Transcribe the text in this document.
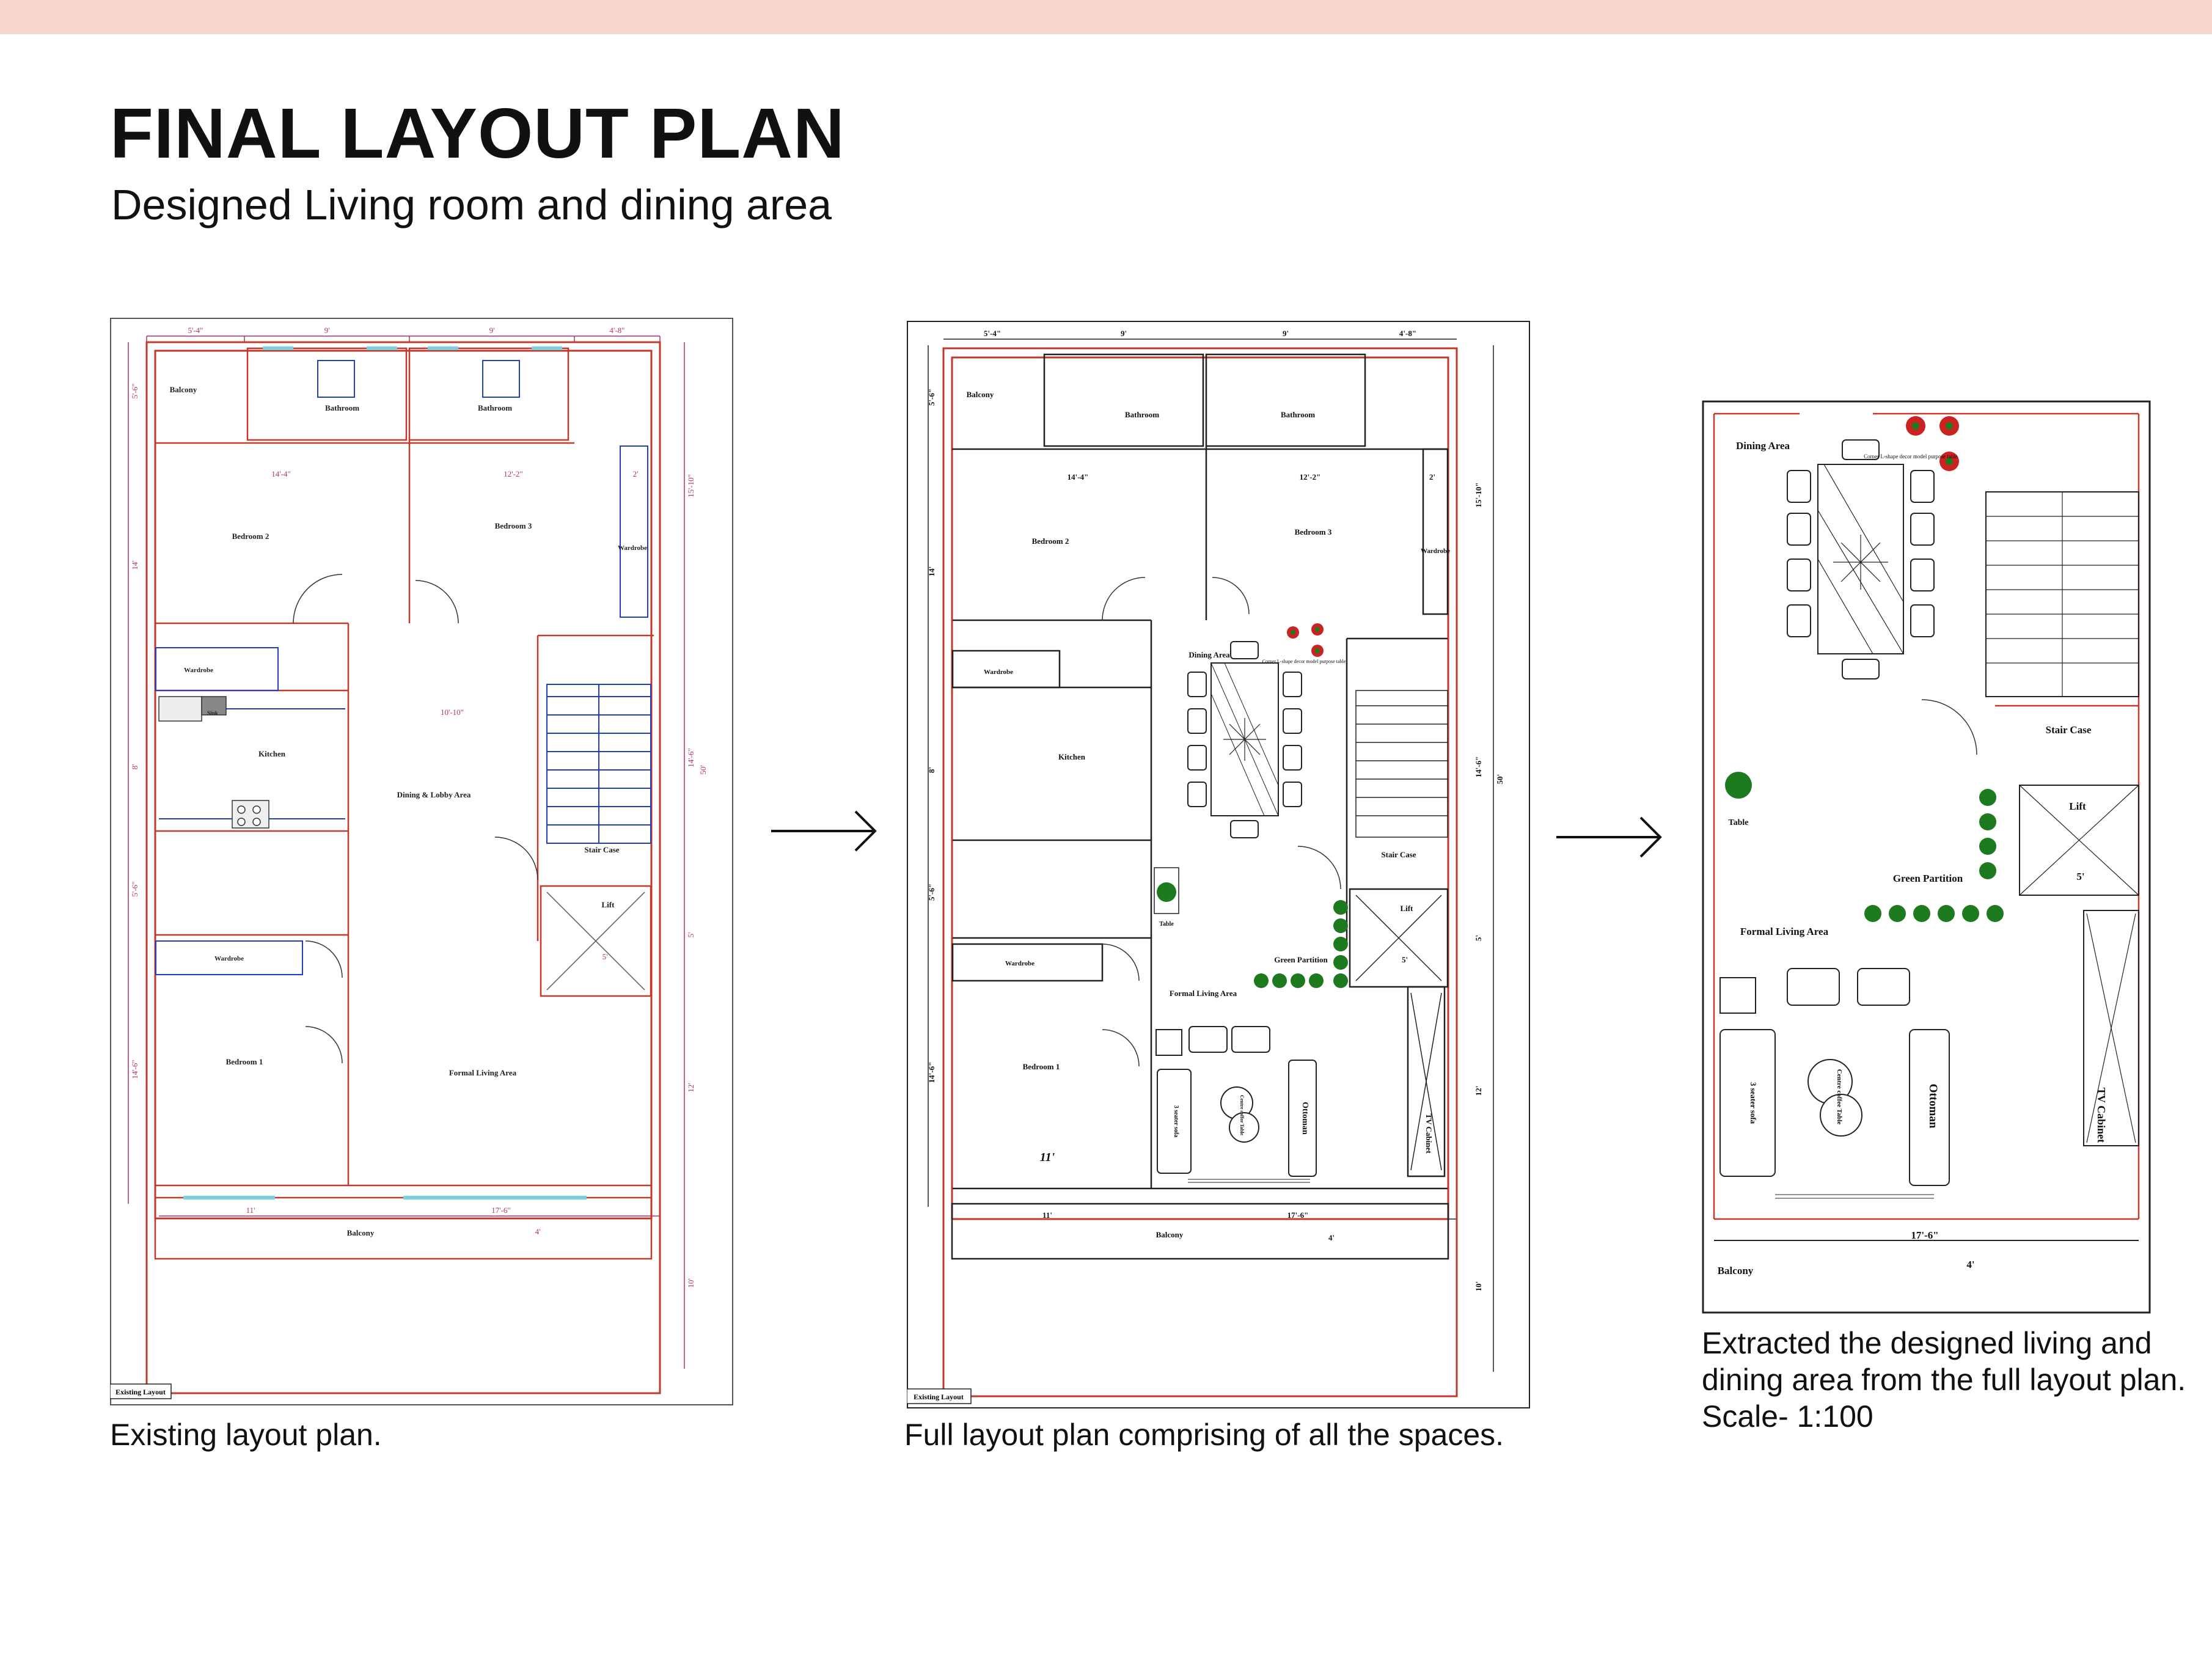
FINAL LAYOUT PLAN

Designed Living room and dining area

Balcony
Bathroom	Bathroom
Bedroom 2
Bedroom 3
Wardrobe
Wardrobe
Kitchen
Dining & Lobby Area
Stair Case
Lift
Wardrobe
Bedroom 1
Formal Living Area
Balcony
Sink
5'-4"	9'	9'	4'-8"
11'	17'-6"
14'-4"	12'-2"	2'
10'-10"
5'
4'
15'-10"
14'-6"
50'
5'
12'
10'
5'-6"
14'
8'
5'-6"
14'-6"
Existing Layout
Existing layout plan.
Balcony
Bathroom	Bathroom
Bedroom 2
Bedroom 3
Wardrobe
Wardrobe
Kitchen
Dining Area
Corner L-shape decor model purpose table
Stair Case
Lift
Table
Green Partition
Formal Living Area
Wardrobe
Bedroom 1
3 seater sofa	Centre coffee Table	Ottoman	TV Cabinet
Balcony
5'-4"	9'	9'	4'-8"
11'	17'-6"
14'-4"	12'-2"	2'
5'
4'
11'
15'-10"
14'-6"
50'
5'
12'
10'
5'-6"
14'
8'
5'-6"
14'-6"
Existing Layout
Full layout plan comprising of all the spaces.
Dining Area
Corner L-shape decor model purpose table
Stair Case
Table
Lift
Green Partition
Formal Living Area
3 seater sofa	Centre coffee Table	Ottoman	TV Cabinet
Balcony
5'
17'-6"
4'
Extracted the designed living and
dining area from the full layout plan.
Scale- 1:100
